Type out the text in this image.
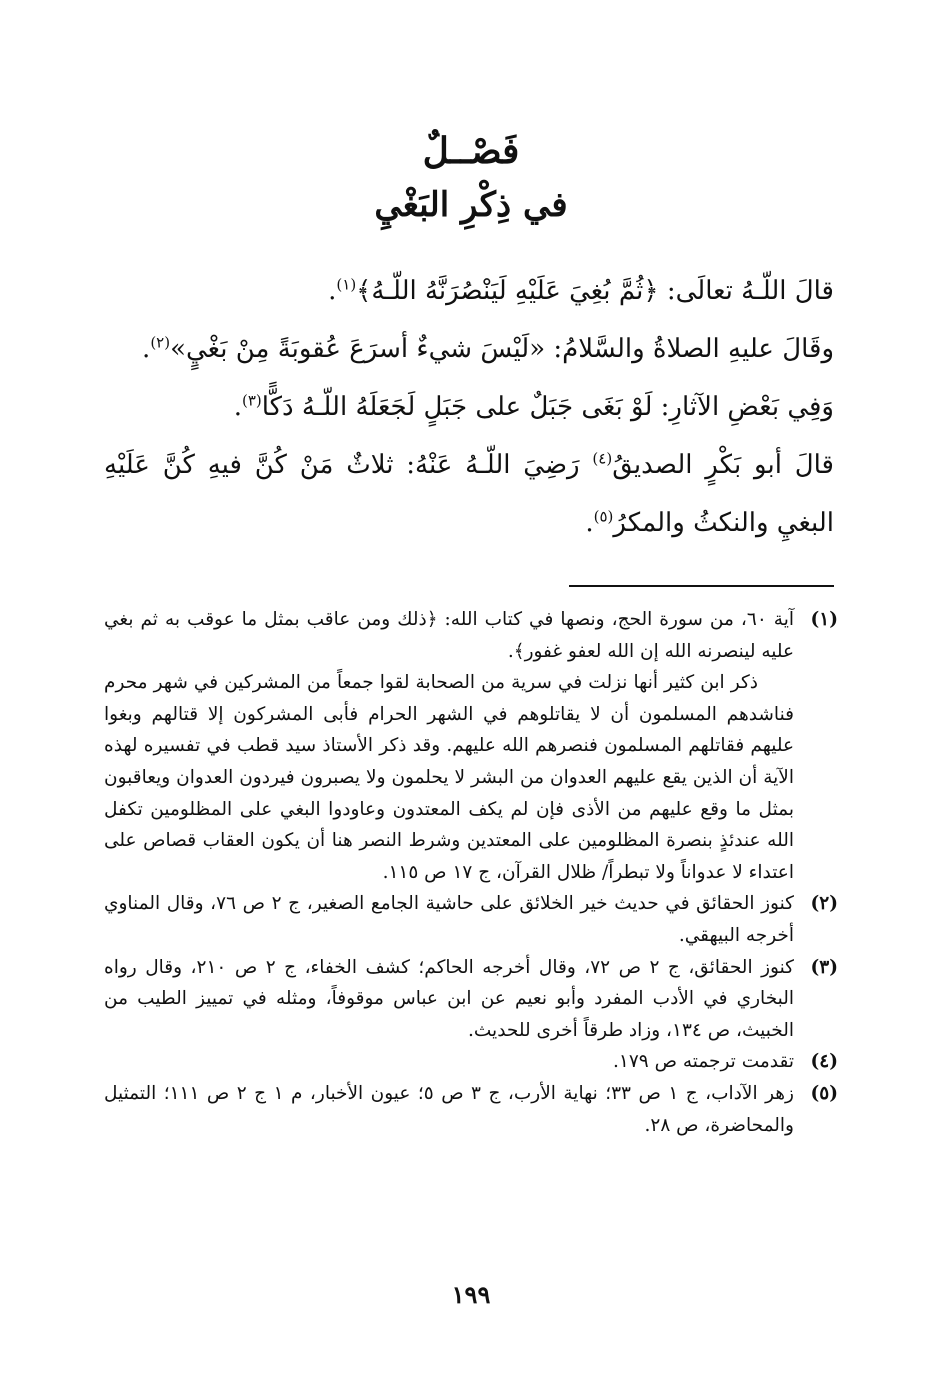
فَصْــلٌ
في ذِكْرِ البَغْيِ

قالَ اللّـهُ تعالَى: ﴿ثُمَّ بُغِيَ عَلَيْهِ لَيَنْصُرَنَّهُ اللّـهُ﴾$^{(١)}$.

وقَالَ عليهِ الصلاةُ والسَّلامُ: «لَيْسَ شيءٌ أسرَعَ عُقوبَةً مِنْ بَغْيٍ»$^{(٢)}$.

وَفِي بَعْضِ الآثارِ: لَوْ بَغَى جَبَلٌ على جَبَلٍ لَجَعَلَهُ اللّـهُ دَكًّا$^{(٣)}$.

قالَ أبو بَكْرٍ الصديقُ$^{(٤)}$ رَضِيَ اللّـهُ عَنْهُ: ثلاثٌ مَنْ كُنَّ فيهِ كُنَّ عَلَيْهِ البغيِ والنكثُ والمكرُ$^{(٥)}$.

(١)

آية ٦٠، من سورة الحج، ونصها في كتاب الله: ﴿ذلك ومن عاقب بمثل ما عوقب به ثم بغي عليه لينصرنه الله إن الله لعفو غفور﴾.

ذكر ابن كثير أنها نزلت في سرية من الصحابة لقوا جمعاً من المشركين في شهر محرم فناشدهم المسلمون أن لا يقاتلوهم في الشهر الحرام فأبى المشركون إلا قتالهم وبغوا عليهم فقاتلهم المسلمون فنصرهم الله عليهم. وقد ذكر الأستاذ سيد قطب في تفسيره لهذه الآية أن الذين يقع عليهم العدوان من البشر لا يحلمون ولا يصبرون فيردون العدوان ويعاقبون بمثل ما وقع عليهم من الأذى فإن لم يكف المعتدون وعاودوا البغي على المظلومين تكفل الله عندئذٍ بنصرة المظلومين على المعتدين وشرط النصر هنا أن يكون العقاب قصاص على اعتداء لا عدواناً ولا تبطراً/ ظلال القرآن، ج ١٧ ص ١١٥.

(٢)

كنوز الحقائق في حديث خير الخلائق على حاشية الجامع الصغير، ج ٢ ص ٧٦، وقال المناوي أخرجه البيهقي.

(٣)

كنوز الحقائق، ج ٢ ص ٧٢، وقال أخرجه الحاكم؛ كشف الخفاء، ج ٢ ص ٢١٠، وقال رواه البخاري في الأدب المفرد وأبو نعيم عن ابن عباس موقوفاً، ومثله في تمييز الطيب من الخبيث، ص ١٣٤، وزاد طرقاً أخرى للحديث.

(٤)

تقدمت ترجمته ص ١٧٩.

(٥)

زهر الآداب، ج ١ ص ٣٣؛ نهاية الأرب، ج ٣ ص ٥؛ عيون الأخبار، م ١ ج ٢ ص ١١١؛ التمثيل والمحاضرة، ص ٢٨.

١٩٩
